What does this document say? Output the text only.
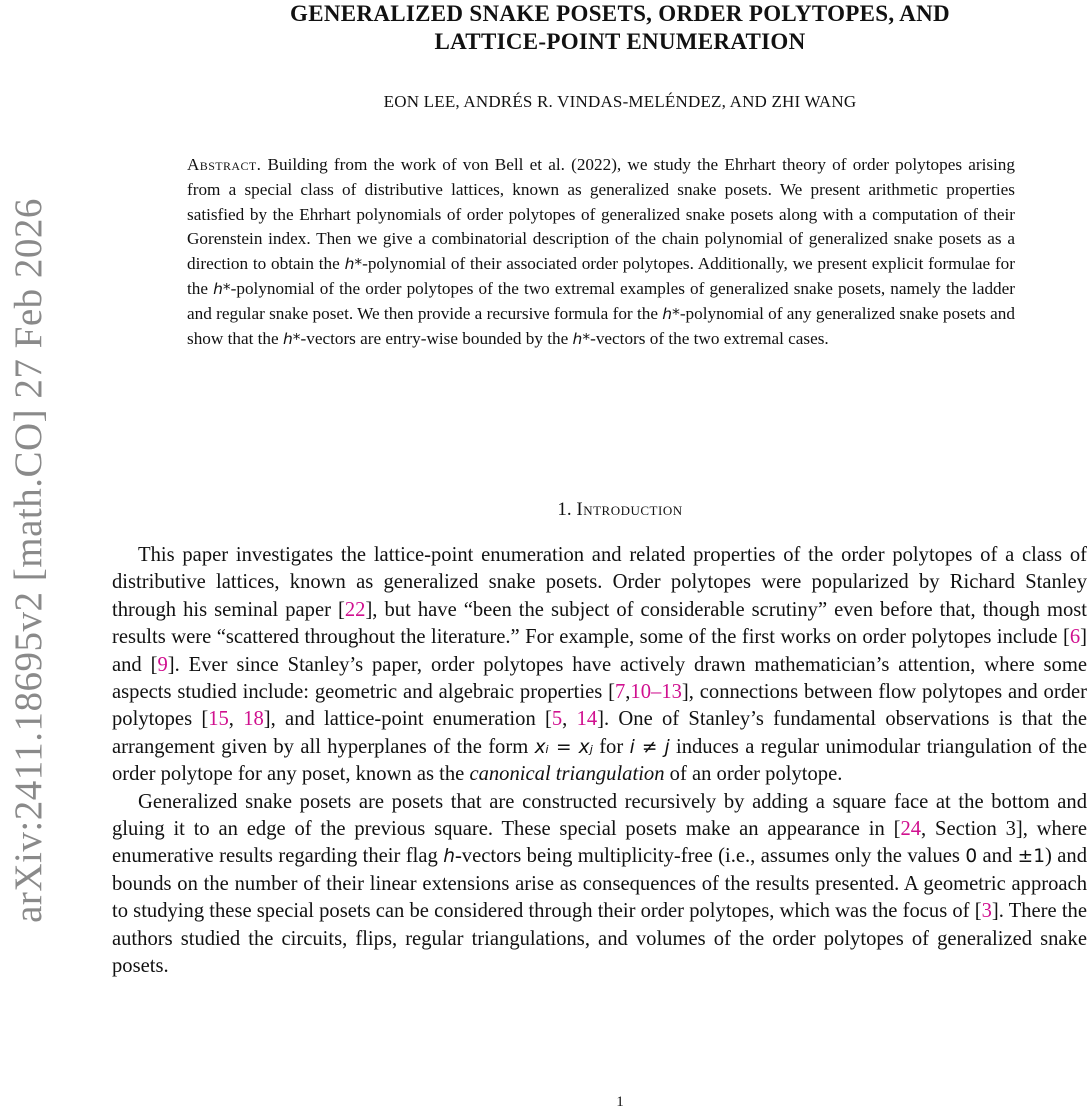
arXiv:2411.18695v2 [math.CO] 27 Feb 2026
GENERALIZED SNAKE POSETS, ORDER POLYTOPES, AND
LATTICE-POINT ENUMERATION
EON LEE, ANDRÉS R. VINDAS-MELÉNDEZ, AND ZHI WANG
Abstract. Building from the work of von Bell et al. (2022), we study the Ehrhart theory of order polytopes arising from a special class of distributive lattices, known as generalized snake posets. We present arithmetic properties satisfied by the Ehrhart polynomials of order polytopes of generalized snake posets along with a computation of their Gorenstein index. Then we give a combinatorial description of the chain polynomial of generalized snake posets as a direction to obtain the h*-polynomial of their associated order polytopes. Additionally, we present explicit formulae for the h*-polynomial of the order polytopes of the two extremal examples of generalized snake posets, namely the ladder and regular snake poset. We then provide a recursive formula for the h*-polynomial of any generalized snake posets and show that the h*-vectors are entry-wise bounded by the h*-vectors of the two extremal cases.
1. Introduction

This paper investigates the lattice-point enumeration and related properties of the order polytopes of a class of distributive lattices, known as generalized snake posets. Order polytopes were popularized by Richard Stanley through his seminal paper [22], but have “been the subject of considerable scrutiny” even before that, though most results were “scattered throughout the literature.” For example, some of the first works on order polytopes include [6] and [9]. Ever since Stanley’s paper, order polytopes have actively drawn mathematician’s attention, where some aspects studied include: geometric and algebraic properties [7,10–13], connections between flow polytopes and order polytopes [15, 18], and lattice-point enumeration [5, 14]. One of Stanley’s fundamental observations is that the arrangement given by all hyperplanes of the form xᵢ = xⱼ for i ≠ j induces a regular unimodular triangulation of the order polytope for any poset, known as the canonical triangulation of an order polytope.

Generalized snake posets are posets that are constructed recursively by adding a square face at the bottom and gluing it to an edge of the previous square. These special posets make an appearance in [24, Section 3], where enumerative results regarding their flag h-vectors being multiplicity-free (i.e., assumes only the values 0 and ±1) and bounds on the number of their linear extensions arise as consequences of the results presented. A geometric approach to studying these special posets can be considered through their order polytopes, which was the focus of [3]. There the authors studied the circuits, flips, regular triangulations, and volumes of the order polytopes of generalized snake posets.

1
